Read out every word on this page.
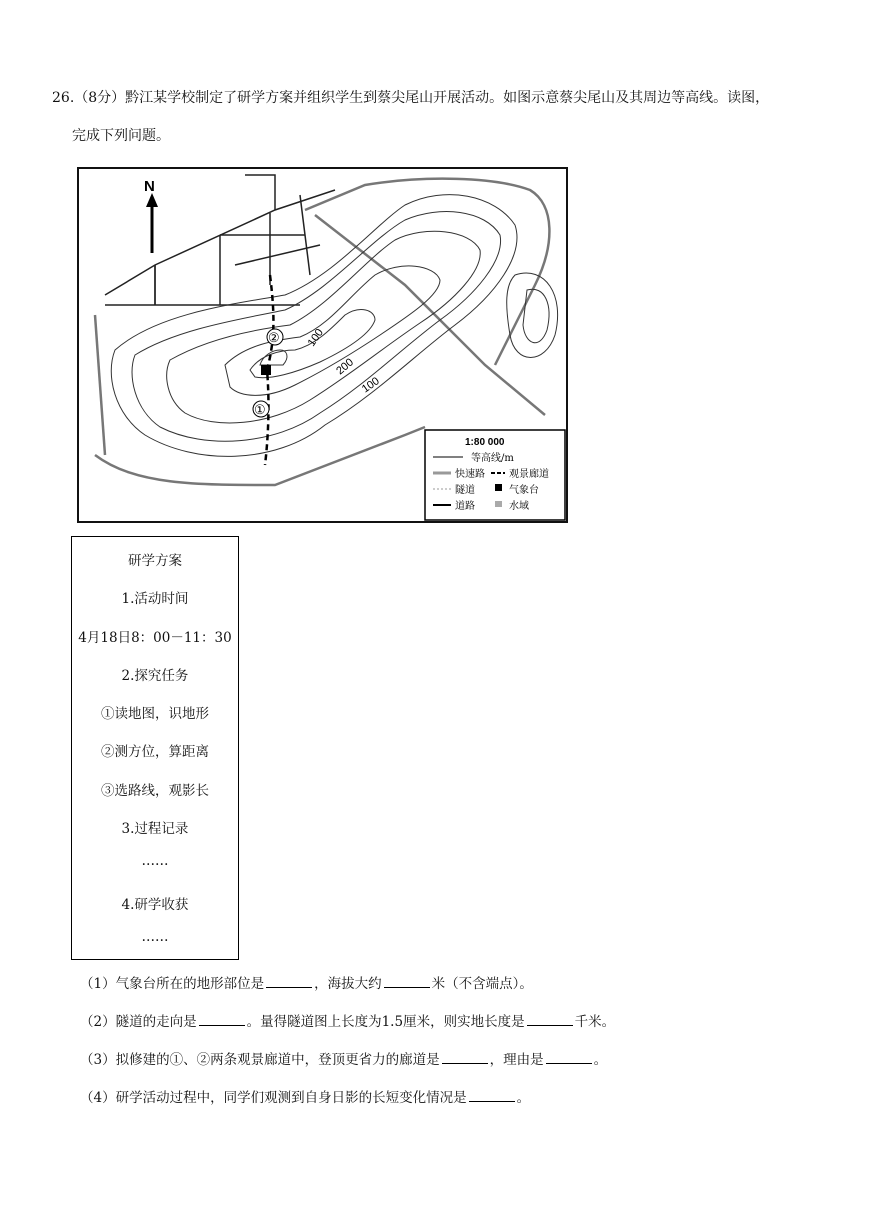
26.（8分）黔江某学校制定了研学方案并组织学生到蔡尖尾山开展活动。如图示意蔡尖尾山及其周边等高线。读图，
完成下列问题。
N
②
①
100
200
100
1:80 000
等高线/m
快速路 观景廊道
隧道	气象台
道路	水域
研学方案
1.活动时间
4月18日8：00－11：30
2.探究任务
①读地图，识地形
②测方位，算距离
③选路线，观影长
3.过程记录
……
4.研学收获
……
（1）气象台所在的地形部位是	，海拔大约	米（不含端点）。
（2）隧道的走向是	。量得隧道图上长度为1.5厘米，则实地长度是	千米。
（3）拟修建的①、②两条观景廊道中，登顶更省力的廊道是	，理由是	。
（4）研学活动过程中，同学们观测到自身日影的长短变化情况是	。
